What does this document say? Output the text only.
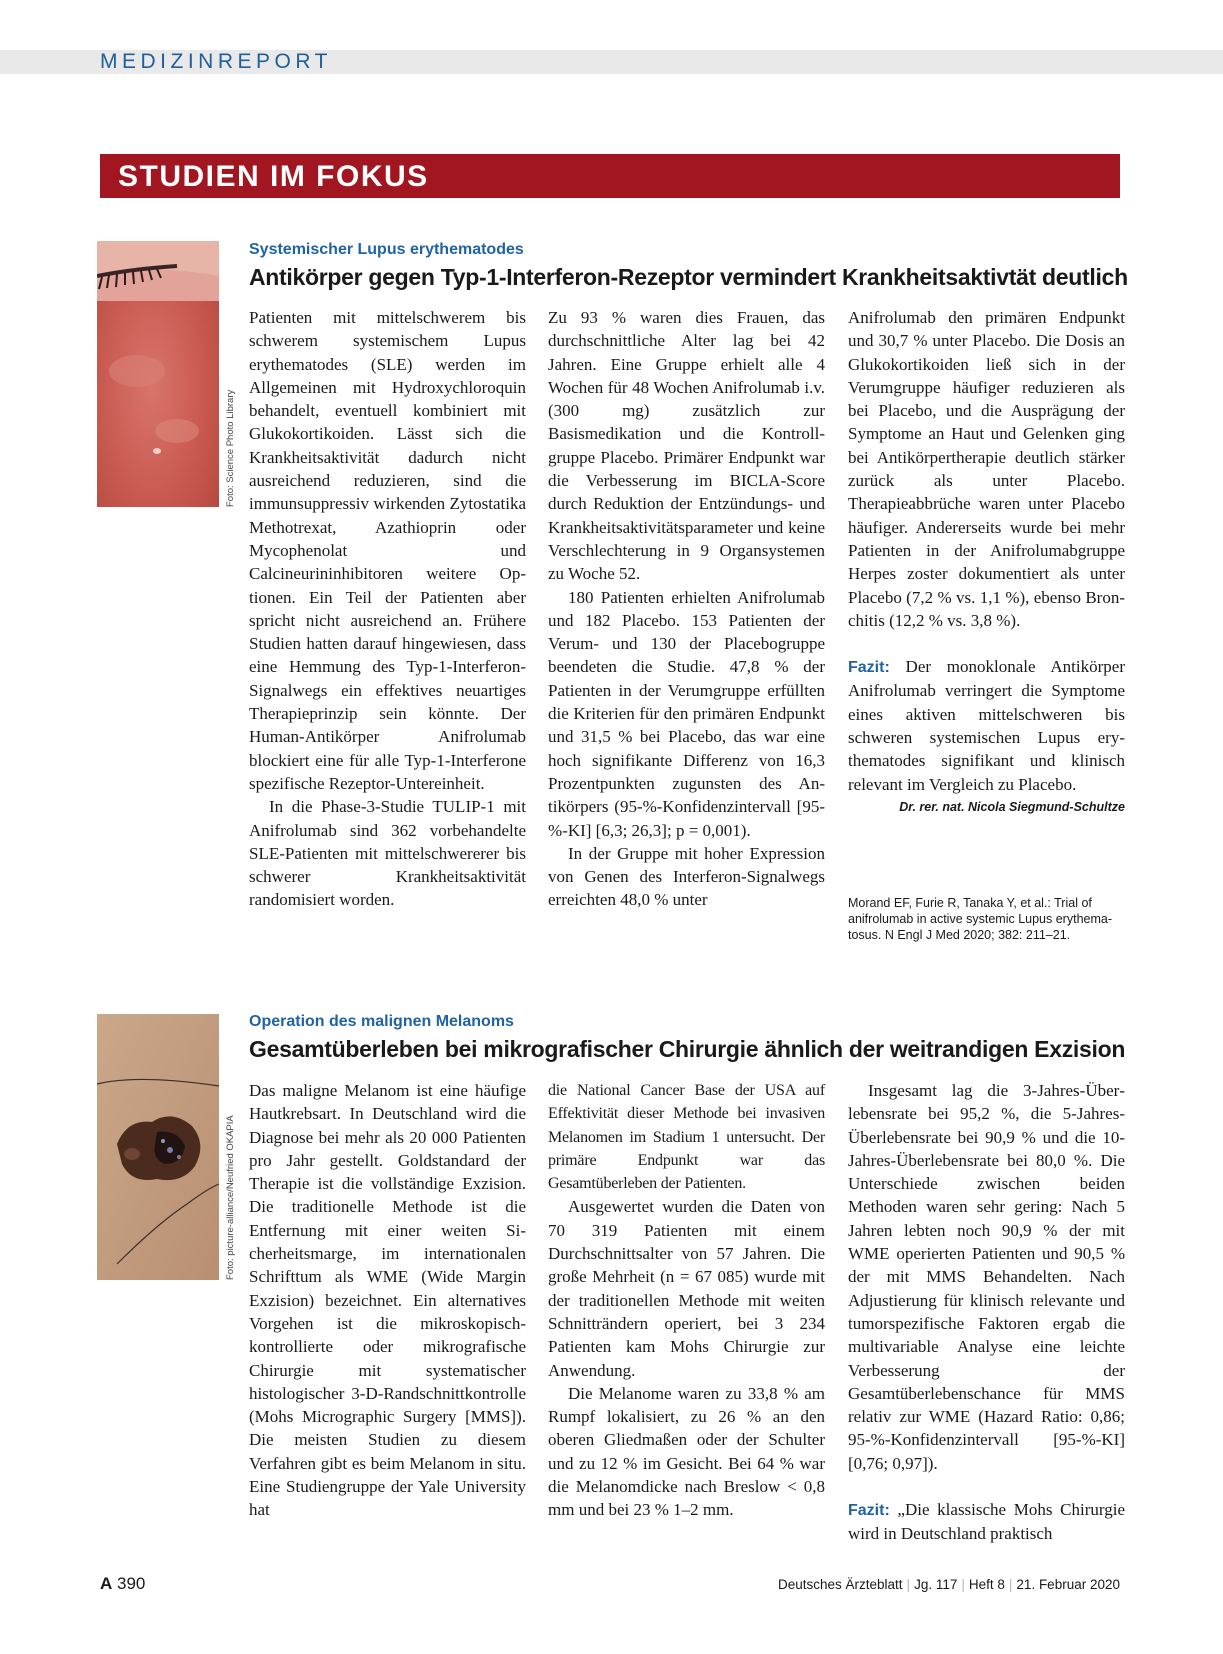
MEDIZINREPORT
STUDIEN IM FOKUS
Foto: Science Photo Library
Systemischer Lupus erythematodes
Antikörper gegen Typ-1-Interferon-Rezeptor vermindert Krankheitsaktivtät deutlich

Patienten mit mittelschwerem bis schwerem systemischem Lupus erythematodes (SLE) werden im Allgemeinen mit Hydroxychloroquin behandelt, eventuell kombiniert mit Glukokortikoiden. Lässt sich die Krankheitsaktivität dadurch nicht ausreichend reduzieren, sind die immunsuppressiv wirkenden Zytostatika Methotrexat, Azathioprin oder Mycophenolat und Calcineurininhibitoren weitere Optionen. Ein Teil der Patienten aber spricht nicht ausreichend an. Frühere Studien hatten darauf hingewiesen, dass eine Hemmung des Typ-1-Interferon-Signalwegs ein effektives neuartiges Therapieprinzip sein könnte. Der Human-Antikörper Anifrolumab blockiert eine für alle Typ-1-Interferone spezifische Rezeptor-Untereinheit.

In die Phase-3-Studie TULIP-1 mit Anifrolumab sind 362 vorbehandelte SLE-Patienten mit mittelschwererer bis schwerer Krankheitsaktivität randomisiert worden.

Zu 93 % waren dies Frauen, das durchschnittliche Alter lag bei 42 Jahren. Eine Gruppe erhielt alle 4 Wochen für 48 Wochen Anifrolumab i.v. (300 mg) zusätzlich zur Basismedikation und die Kontrollgruppe Placebo. Primärer Endpunkt war die Verbesserung im BICLA-Score durch Reduktion der Entzündungs- und Krankheitsaktivitätsparameter und keine Verschlechterung in 9 Organsystemen zu Woche 52.

180 Patienten erhielten Anifrolumab und 182 Placebo. 153 Patienten der Verum- und 130 der Placebogruppe beendeten die Studie. 47,8 % der Patienten in der Verumgruppe erfüllten die Kriterien für den primären Endpunkt und 31,5 % bei Placebo, das war eine hoch signifikante Differenz von 16,3 Prozentpunkten zugunsten des Antikörpers (95-%-Konfidenzintervall [95-%-KI] [6,3; 26,3]; p = 0,001).

In der Gruppe mit hoher Expression von Genen des Interferon-Signalwegs erreichten 48,0 % unter

Anifrolumab den primären Endpunkt und 30,7 % unter Placebo. Die Dosis an Glukokortikoiden ließ sich in der Verumgruppe häufiger reduzieren als bei Placebo, und die Ausprägung der Symptome an Haut und Gelenken ging bei Antikörpertherapie deutlich stärker zurück als unter Placebo. Therapieabbrüche waren unter Placebo häufiger. Andererseits wurde bei mehr Patienten in der Anifrolumabgruppe Herpes zoster dokumentiert als unter Placebo (7,2 % vs. 1,1 %), ebenso Bronchitis (12,2 % vs. 3,8 %).

Fazit: Der monoklonale Antikörper Anifrolumab verringert die Symptome eines aktiven mittelschweren bis schweren systemischen Lupus erythematodes signifikant und klinisch relevant im Vergleich zu Placebo.

Dr. rer. nat. Nicola Siegmund-Schultze
Morand EF, Furie R, Tanaka Y, et al.: Trial of anifrolumab in active systemic Lupus erythematosus. N Engl J Med 2020; 382: 211–21.
Foto: picture-alliance/Neufried OKAPIA
Operation des malignen Melanoms
Gesamtüberleben bei mikrografischer Chirurgie ähnlich der weitrandigen Exzision

Das maligne Melanom ist eine häufige Hautkrebsart. In Deutschland wird die Diagnose bei mehr als 20 000 Patienten pro Jahr gestellt. Goldstandard der Therapie ist die vollständige Exzision. Die traditionelle Methode ist die Entfernung mit einer weiten Sicherheitsmarge, im internationalen Schrifttum als WME (Wide Margin Exzision) bezeichnet. Ein alternatives Vorgehen ist die mikroskopisch-kontrollierte oder mikrografische Chirurgie mit systematischer histologischer 3-D-Randschnittkontrolle (Mohs Micrographic Surgery [MMS]). Die meisten Studien zu diesem Verfahren gibt es beim Melanom in situ. Eine Studiengruppe der Yale University hat

die National Cancer Base der USA auf Effektivität dieser Methode bei invasiven Melanomen im Stadium 1 untersucht. Der primäre Endpunkt war das Gesamtüberleben der Patienten.

Ausgewertet wurden die Daten von 70 319 Patienten mit einem Durchschnittsalter von 57 Jahren. Die große Mehrheit (n = 67 085) wurde mit der traditionellen Methode mit weiten Schnitträndern operiert, bei 3 234 Patienten kam Mohs Chirurgie zur Anwendung.

Die Melanome waren zu 33,8 % am Rumpf lokalisiert, zu 26 % an den oberen Gliedmaßen oder der Schulter und zu 12 % im Gesicht. Bei 64 % war die Melanomdicke nach Breslow < 0,8 mm und bei 23 % 1–2 mm.

Insgesamt lag die 3-Jahres-Überlebensrate bei 95,2 %, die 5-Jahres-Überlebensrate bei 90,9 % und die 10-Jahres-Überlebensrate bei 80,0 %. Die Unterschiede zwischen beiden Methoden waren sehr gering: Nach 5 Jahren lebten noch 90,9 % der mit WME operierten Patienten und 90,5 % der mit MMS Behandelten. Nach Adjustierung für klinisch relevante und tumorspezifische Faktoren ergab die multivariable Analyse eine leichte Verbesserung der Gesamtüberlebenschance für MMS relativ zur WME (Hazard Ratio: 0,86; 95-%-Konfidenzintervall [95-%-KI] [0,76; 0,97]).

Fazit: „Die klassische Mohs Chirurgie wird in Deutschland praktisch

A 390	Deutsches Ärzteblatt | Jg. 117 | Heft 8 | 21. Februar 2020
